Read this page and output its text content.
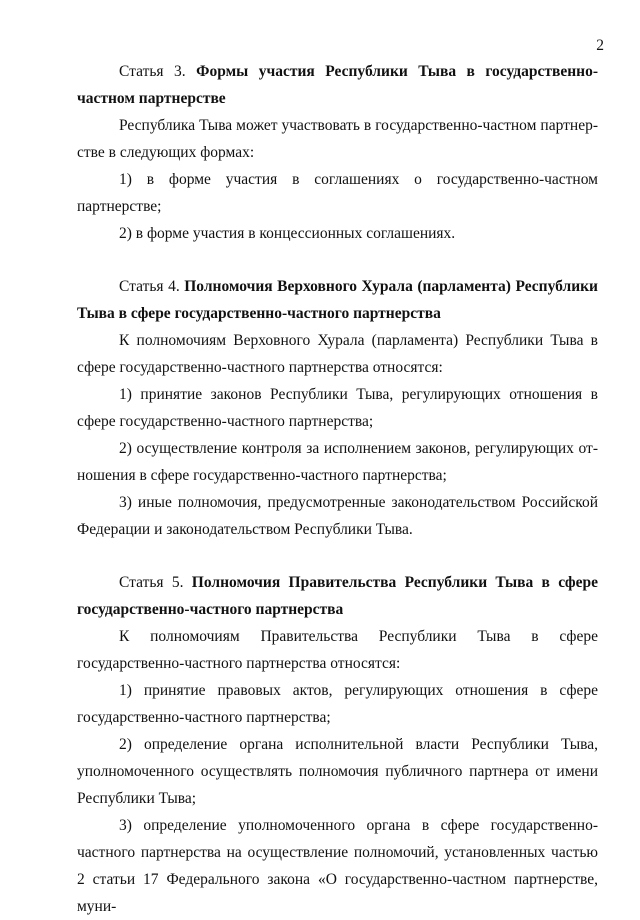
2

Статья 3. Формы участия Республики Тыва в государственно-частном партнерстве

Республика Тыва может участвовать в государственно-частном партнерстве в следующих формах:

1) в форме участия в соглашениях о государственно-частном партнерстве;

2) в форме участия в концессионных соглашениях.

Статья 4. Полномочия Верховного Хурала (парламента) Республики Тыва в сфере государственно-частного партнерства

К полномочиям Верховного Хурала (парламента) Республики Тыва в сфере государственно-частного партнерства относятся:

1) принятие законов Республики Тыва, регулирующих отношения в сфере государственно-частного партнерства;

2) осуществление контроля за исполнением законов, регулирующих отношения в сфере государственно-частного партнерства;

3) иные полномочия, предусмотренные законодательством Российской Федерации и законодательством Республики Тыва.

Статья 5. Полномочия Правительства Республики Тыва в сфере государственно-частного партнерства

К полномочиям Правительства Республики Тыва в сфере государственно-частного партнерства относятся:

1) принятие правовых актов, регулирующих отношения в сфере государственно-частного партнерства;

2) определение органа исполнительной власти Республики Тыва, уполномоченного осуществлять полномочия публичного партнера от имени Республики Тыва;

3) определение уполномоченного органа в сфере государственно-частного партнерства на осуществление полномочий, установленных частью 2 статьи 17 Федерального закона «О государственно-частном партнерстве, муни-
